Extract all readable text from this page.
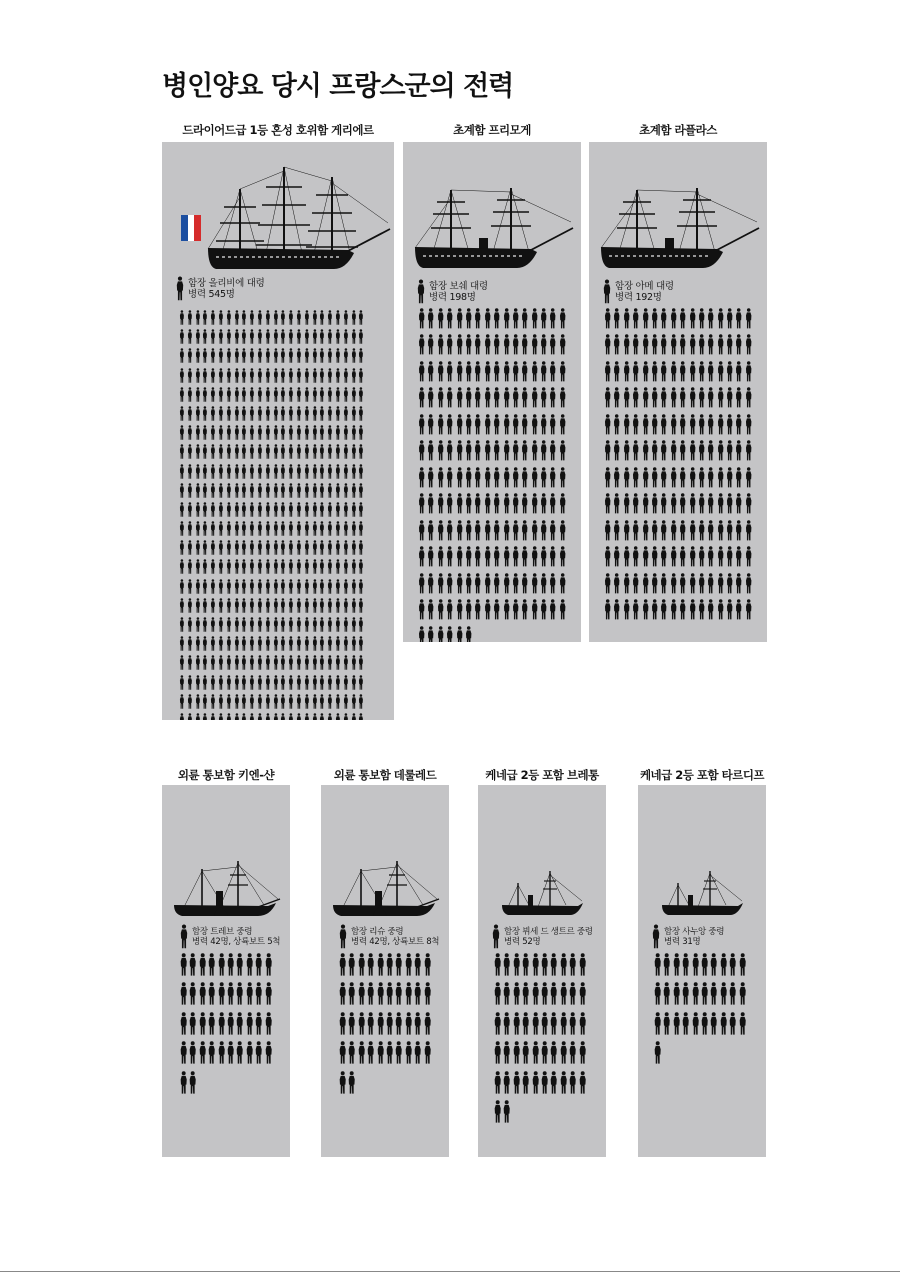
병인양요 당시 프랑스군의 전력
드라이어드급 1등 혼성 호위함 게리에르
함장 올리비에 대령
병력 545명
초계함 프리모게
함장 보쉐 대령
병력 198명
초계함 라플라스
함장 아메 대령
병력 192명
외륜 통보함 키엔-샨
함장 트레브 중령
병력 42명, 상륙보트 5척
외륜 통보함 데룰레드
함장 리슈 중령
병력 42명, 상륙보트 8척
케네급 2등 포함 브레통
함장 뷔세 드 생트르 중령
병력 52명
케네급 2등 포함 타르디프
함장 사누앙 중령
병력 31명
